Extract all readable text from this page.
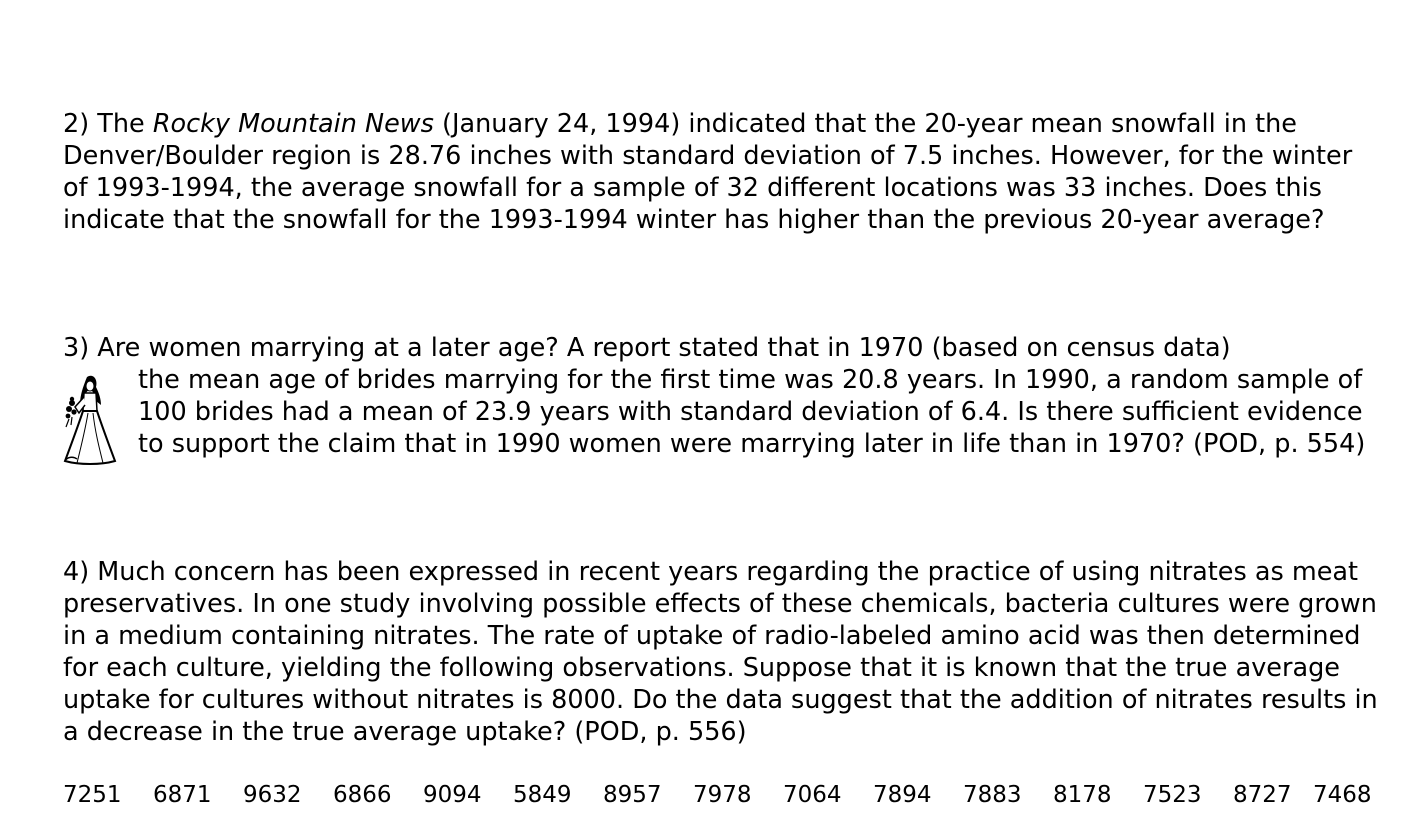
2) The Rocky Mountain News (January 24, 1994) indicated that the 20-year mean snowfall in the Denver/Boulder region is 28.76 inches with standard deviation of 7.5 inches. However, for the winter of 1993-1994, the average snowfall for a sample of 32 different locations was 33 inches. Does this indicate that the snowfall for the 1993-1994 winter has higher than the previous 20-year average?

3) Are women marrying at a later age? A report stated that in 1970 (based on census data)
the mean age of brides marrying for the first time was 20.8 years. In 1990, a random sample of 100 brides had a mean of 23.9 years with standard deviation of 6.4. Is there sufficient evidence to support the claim that in 1990 women were marrying later in life than in 1970? (POD, p. 554)

4) Much concern has been expressed in recent years regarding the practice of using nitrates as meat preservatives. In one study involving possible effects of these chemicals, bacteria cultures were grown in a medium containing nitrates. The rate of uptake of radio-labeled amino acid was then determined for each culture, yielding the following observations. Suppose that it is known that the true average uptake for cultures without nitrates is 8000. Do the data suggest that the addition of nitrates results in a decrease in the true average uptake? (POD, p. 556)

7251 6871 9632 6866 9094 5849 8957 7978 7064 7894 7883 8178 7523 8727 7468
